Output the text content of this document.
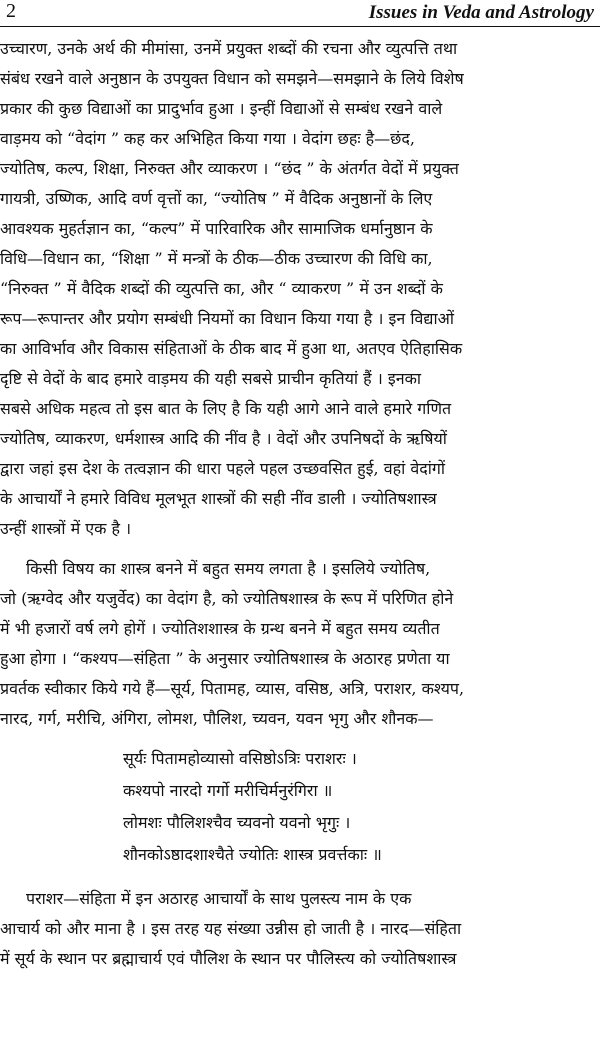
2	Issues in Veda and Astrology
उच्चारण, उनके अर्थ की मीमांसा, उनमें प्रयुक्त शब्दों की रचना और व्युत्पत्ति तथा
संबंध रखने वाले अनुष्ठान के उपयुक्त विधान को समझने—समझाने के लिये विशेष
प्रकार की कुछ विद्याओं का प्रादुर्भाव हुआ । इन्हीं विद्याओं से सम्बंध रखने वाले
वाड़मय को “वेदांग ” कह कर अभिहित किया गया । वेदांग छहः है—छंद,
ज्योतिष, कल्प, शिक्षा, निरुक्त और व्याकरण । “छंद ” के अंतर्गत वेदों में प्रयुक्त
गायत्री, उष्णिक, आदि वर्ण वृत्तों का, “ज्योतिष ” में वैदिक अनुष्ठानों के लिए
आवश्यक मुहर्तज्ञान का, “कल्प” में पारिवारिक और सामाजिक धर्मानुष्ठान के
विधि—विधान का, “शिक्षा ” में मन्त्रों के ठीक—ठीक उच्चारण की विधि का,
“निरुक्त ” में वैदिक शब्दों की व्युत्पत्ति का, और “ व्याकरण ” में उन शब्दों के
रूप—रूपान्तर और प्रयोग सम्बंधी नियमों का विधान किया गया है । इन विद्याओं
का आविर्भाव और विकास संहिताओं के ठीक बाद में हुआ था, अतएव ऐतिहासिक
दृष्टि से वेदों के बाद हमारे वाड़मय की यही सबसे प्राचीन कृतियां हैं । इनका
सबसे अधिक महत्व तो इस बात के लिए है कि यही आगे आने वाले हमारे गणित
ज्योतिष, व्याकरण, धर्मशास्त्र आदि की नींव है । वेदों और उपनिषदों के ऋषियों
द्वारा जहां इस देश के तत्वज्ञान की धारा पहले पहल उच्छवसित हुई, वहां वेदांगों
के आचार्यों ने हमारे विविध मूलभूत शास्त्रों की सही नींव डाली । ज्योतिषशास्त्र
उन्हीं शास्त्रों में एक है ।
किसी विषय का शास्त्र बनने में बहुत समय लगता है । इसलिये ज्योतिष,
जो (ऋग्वेद और यजुर्वेद) का वेदांग है, को ज्योतिषशास्त्र के रूप में परिणित होने
में भी हजारों वर्ष लगे होगें । ज्योतिशशास्त्र के ग्रन्थ बनने में बहुत समय व्यतीत
हुआ होगा । “कश्यप—संहिता ” के अनुसार ज्योतिषशास्त्र के अठारह प्रणेता या
प्रवर्तक स्वीकार किये गये हैं—सूर्य, पितामह, व्यास, वसिष्ठ, अत्रि, पराशर, कश्यप,
नारद, गर्ग, मरीचि, अंगिरा, लोमश, पौलिश, च्यवन, यवन भृगु और शौनक—
सूर्यः पितामहोव्यासो वसिष्ठोऽत्रिः पराशरः ।
कश्यपो नारदो गर्गो मरीचिर्मनुरंगिरा ॥
लोमशः पौलिशश्चैव च्यवनो यवनो भृगुः ।
शौनकोऽष्ठादशाश्चैते ज्योतिः शास्त्र प्रवर्त्तकाः ॥
पराशर—संहिता में इन अठारह आचार्यों के साथ पुलस्त्य नाम के एक
आचार्य को और माना है । इस तरह यह संख्या उन्नीस हो जाती है । नारद—संहिता
में सूर्य के स्थान पर ब्रह्माचार्य एवं पौलिश के स्थान पर पौलिस्त्य को ज्योतिषशास्त्र
